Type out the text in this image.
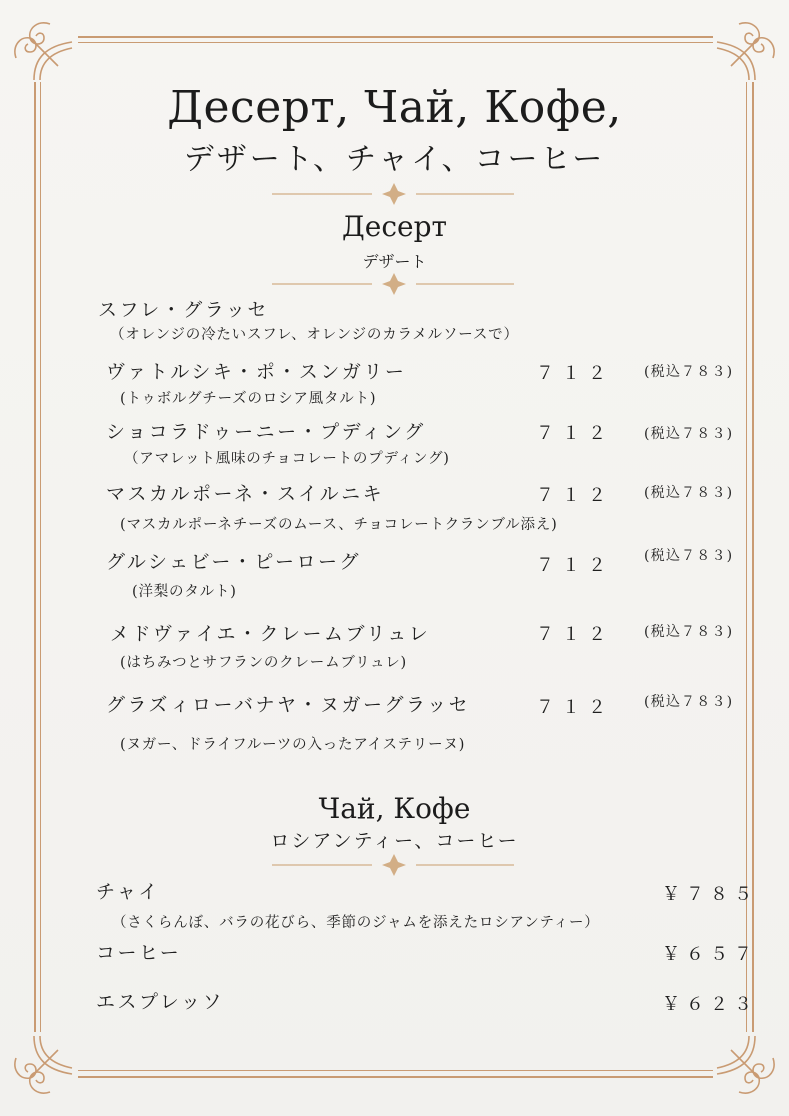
Десерт, Чай, Кофе,
デザート、チャイ、コーヒー
Десерт
デザート
スフレ・グラッセ
（オレンジの冷たいスフレ、オレンジのカラメルソースで）
ヴァトルシキ・ポ・スンガリー	７１２ (税込７８３)
(トゥボルグチーズのロシア風タルト)
ショコラドゥーニー・プディング	７１２ (税込７８３)
（アマレット風味のチョコレートのプディング)
マスカルポーネ・スイルニキ	７１２ (税込７８３)
(マスカルポーネチーズのムース、チョコレートクランブル添え)
グルシェビー・ピーローグ	７１２ (税込７８３)
(洋梨のタルト)
メドヴァイエ・クレームブリュレ	７１２ (税込７８３)
(はちみつとサフランのクレームブリュレ)
グラズィローバナヤ・ヌガーグラッセ	７１２ (税込７８３)
(ヌガー、ドライフルーツの入ったアイステリーヌ)
Чай, Кофе
ロシアンティー、コーヒー
チャイ	￥７８５
（さくらんぼ、バラの花びら、季節のジャムを添えたロシアンティー）
コーヒー	￥６５７
エスプレッソ	￥６２３
